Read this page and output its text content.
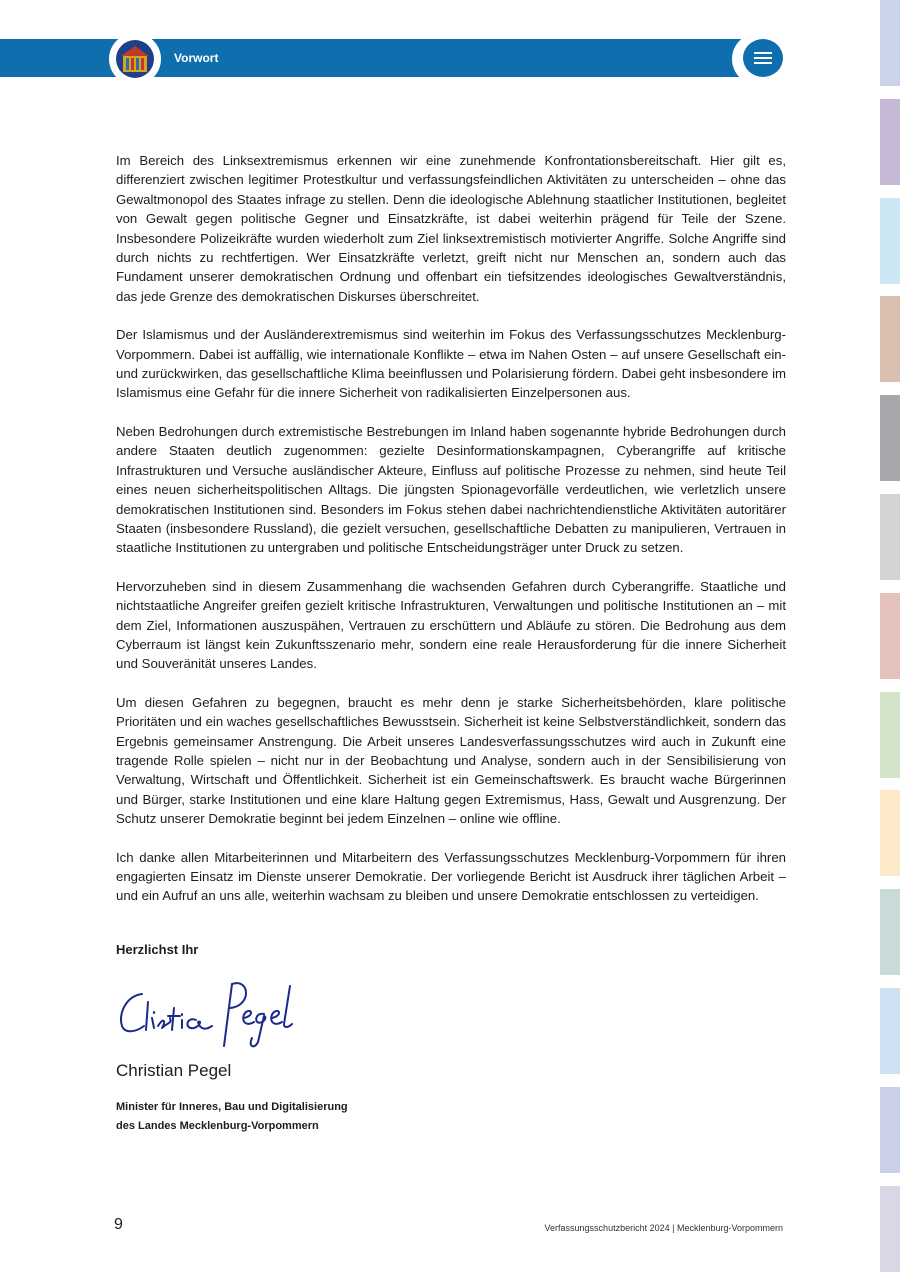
Vorwort

Im Bereich des Linksextremismus erkennen wir eine zunehmende Konfrontationsbereitschaft. Hier gilt es, differenziert zwischen legitimer Protestkultur und verfassungsfeindlichen Aktivitäten zu unterscheiden – ohne das Gewaltmonopol des Staates infrage zu stellen. Denn die ideologische Ablehnung staatlicher Institutionen, begleitet von Gewalt gegen politische Gegner und Einsatzkräfte, ist dabei weiterhin prägend für Teile der Szene. Insbesondere Polizeikräfte wurden wiederholt zum Ziel linksextremistisch motivierter Angriffe. Solche Angriffe sind durch nichts zu rechtfertigen. Wer Einsatzkräfte verletzt, greift nicht nur Menschen an, sondern auch das Fundament unserer demokratischen Ordnung und offenbart ein tiefsitzendes ideologisches Gewaltverständnis, das jede Grenze des demokratischen Diskurses überschreitet.

Der Islamismus und der Ausländerextremismus sind weiterhin im Fokus des Verfassungsschutzes Mecklenburg-Vorpommern. Dabei ist auffällig, wie internationale Konflikte – etwa im Nahen Osten – auf unsere Gesellschaft ein- und zurückwirken, das gesellschaftliche Klima beeinflussen und Polarisierung fördern. Dabei geht insbesondere im Islamismus eine Gefahr für die innere Sicherheit von radikalisierten Einzelpersonen aus.

Neben Bedrohungen durch extremistische Bestrebungen im Inland haben sogenannte hybride Bedrohungen durch andere Staaten deutlich zugenommen: gezielte Desinformationskampagnen, Cyberangriffe auf kritische Infrastrukturen und Versuche ausländischer Akteure, Einfluss auf politische Prozesse zu nehmen, sind heute Teil eines neuen sicherheitspolitischen Alltags. Die jüngsten Spionagevorfälle verdeutlichen, wie verletzlich unsere demokratischen Institutionen sind. Besonders im Fokus stehen dabei nachrichtendienstliche Aktivitäten autoritärer Staaten (insbesondere Russland), die gezielt versuchen, gesellschaftliche Debatten zu manipulieren, Vertrauen in staatliche Institutionen zu untergraben und politische Entscheidungsträger unter Druck zu setzen.

Hervorzuheben sind in diesem Zusammenhang die wachsenden Gefahren durch Cyberangriffe. Staatliche und nichtstaatliche Angreifer greifen gezielt kritische Infrastrukturen, Verwaltungen und politische Institutionen an – mit dem Ziel, Informationen auszuspähen, Vertrauen zu erschüttern und Abläufe zu stören. Die Bedrohung aus dem Cyberraum ist längst kein Zukunftsszenario mehr, sondern eine reale Herausforderung für die innere Sicherheit und Souveränität unseres Landes.

Um diesen Gefahren zu begegnen, braucht es mehr denn je starke Sicherheitsbehörden, klare politische Prioritäten und ein waches gesellschaftliches Bewusstsein. Sicherheit ist keine Selbstverständlichkeit, sondern das Ergebnis gemeinsamer Anstrengung. Die Arbeit unseres Landesverfassungsschutzes wird auch in Zukunft eine tragende Rolle spielen – nicht nur in der Beobachtung und Analyse, sondern auch in der Sensibilisierung von Verwaltung, Wirtschaft und Öffentlichkeit. Sicherheit ist ein Gemeinschaftswerk. Es braucht wache Bürgerinnen und Bürger, starke Institutionen und eine klare Haltung gegen Extremismus, Hass, Gewalt und Ausgrenzung. Der Schutz unserer Demokratie beginnt bei jedem Einzelnen – online wie offline.

Ich danke allen Mitarbeiterinnen und Mitarbeitern des Verfassungsschutzes Mecklenburg-Vorpommern für ihren engagierten Einsatz im Dienste unserer Demokratie. Der vorliegende Bericht ist Ausdruck ihrer täglichen Arbeit – und ein Aufruf an uns alle, weiterhin wachsam zu bleiben und unsere Demokratie entschlossen zu verteidigen.

Herzlichst Ihr
Christian Pegel
Minister für Inneres, Bau und Digitalisierung
des Landes Mecklenburg-Vorpommern
9	Verfassungsschutzbericht 2024 | Mecklenburg-Vorpommern
